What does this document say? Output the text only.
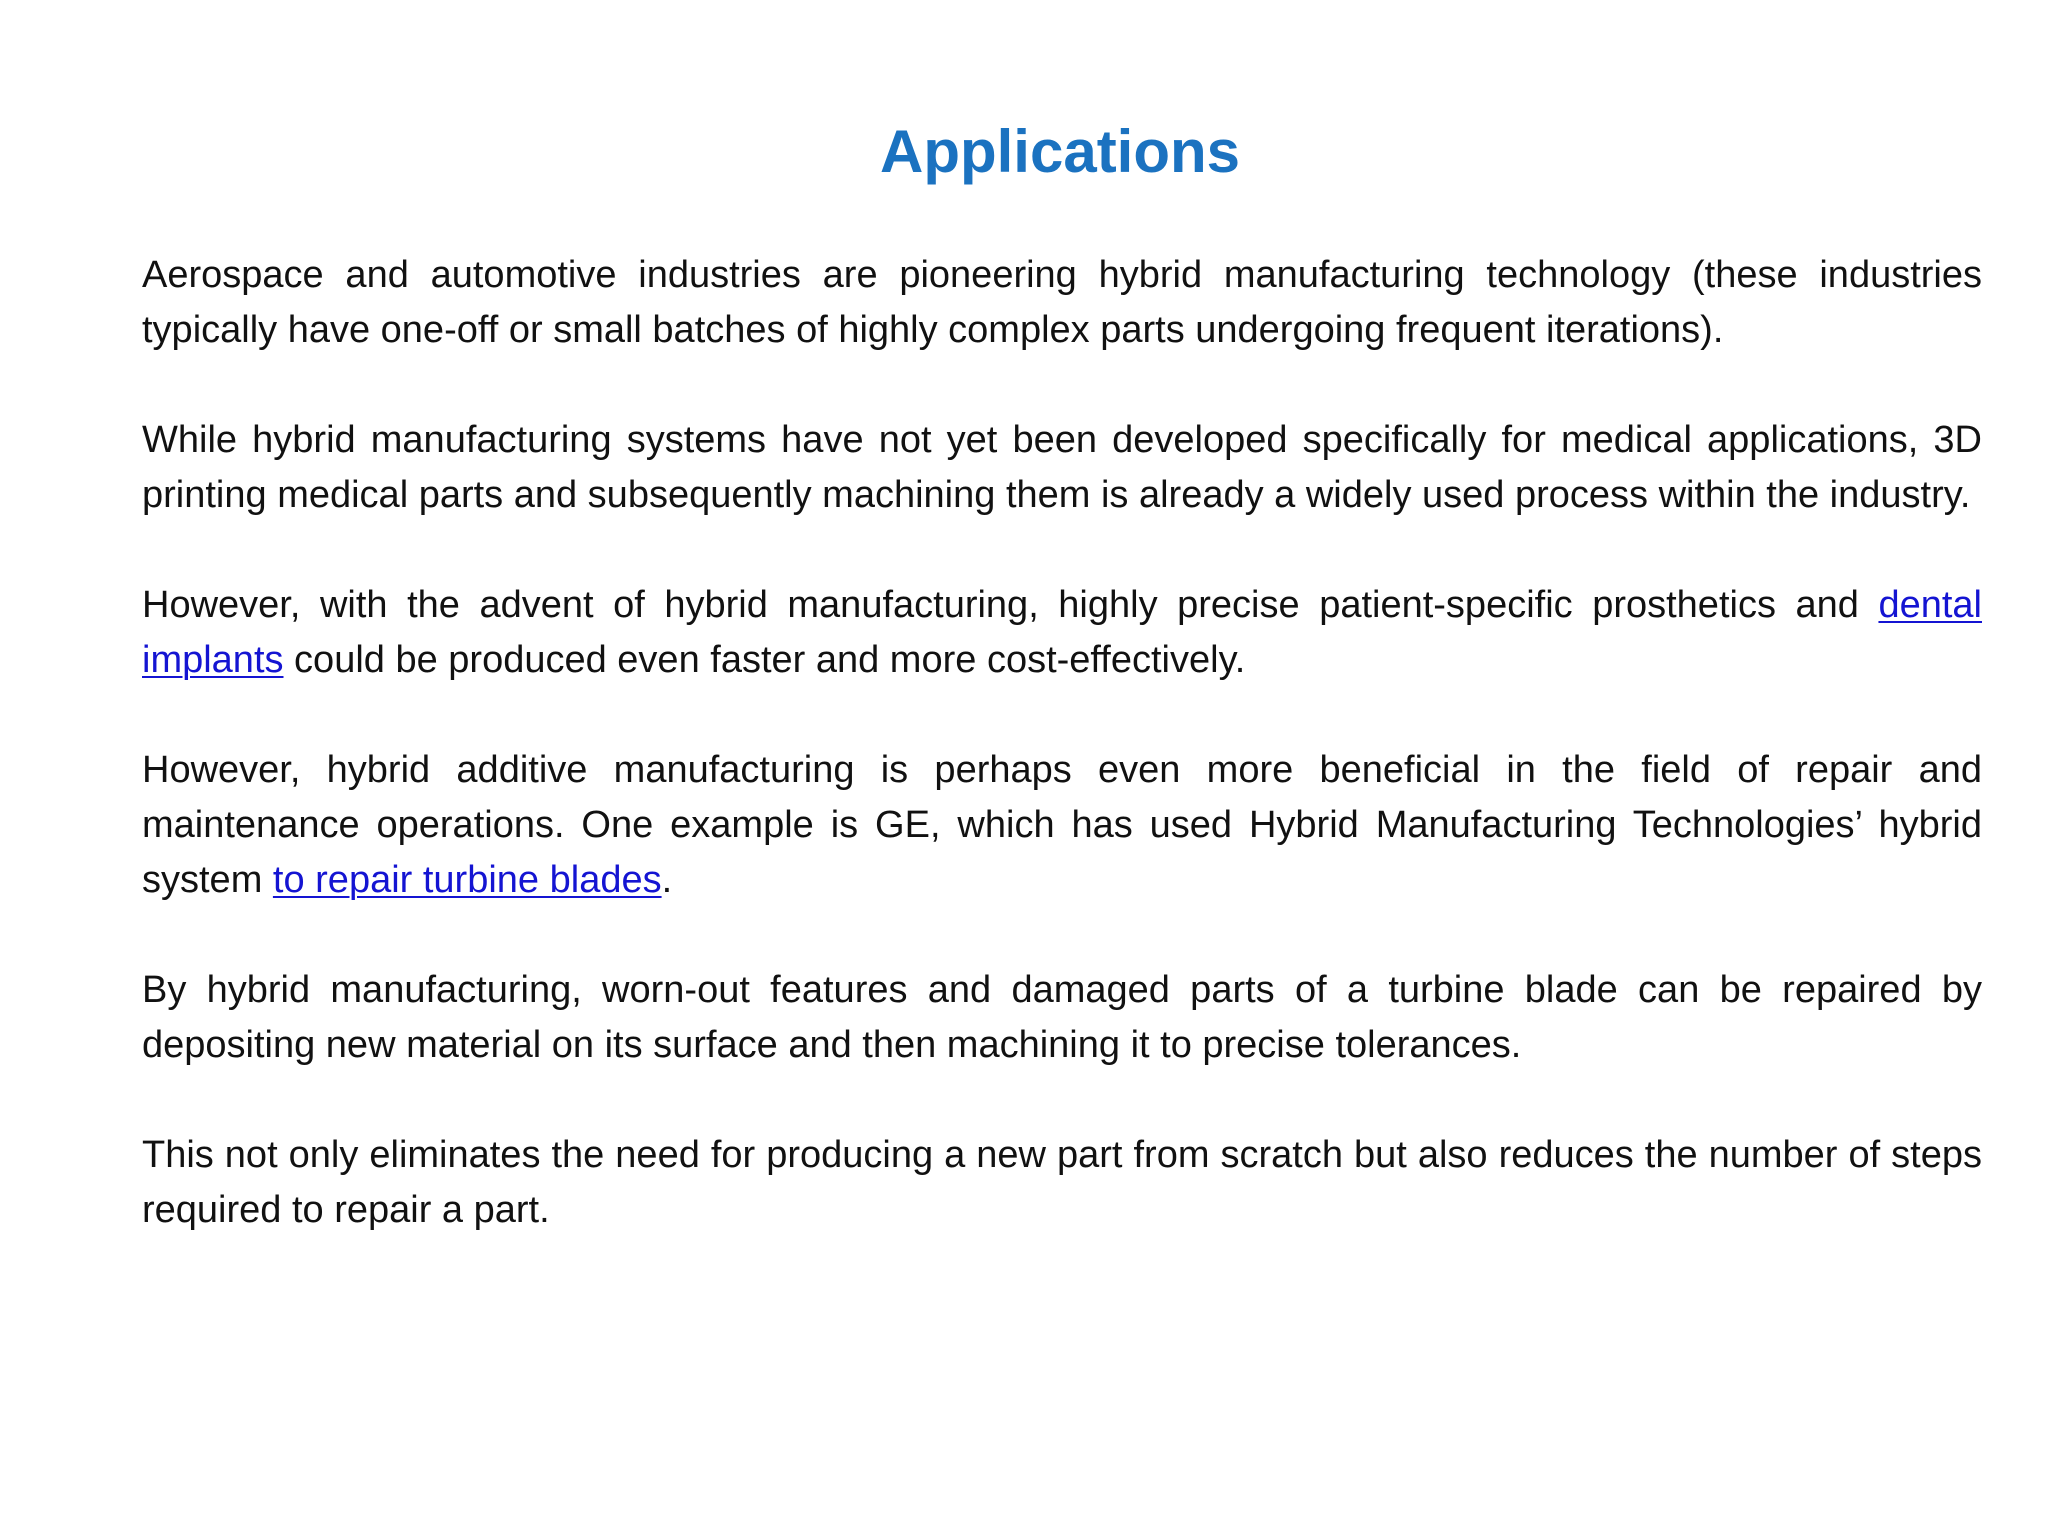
Applications

Aerospace and automotive industries are pioneering hybrid manufacturing technology (these industries typically have one-off or small batches of highly complex parts undergoing frequent iterations).

While hybrid manufacturing systems have not yet been developed specifically for medical applications, 3D printing medical parts and subsequently machining them is already a widely used process within the industry.

However, with the advent of hybrid manufacturing, highly precise patient-specific prosthetics and dental implants could be produced even faster and more cost-effectively.

However, hybrid additive manufacturing is perhaps even more beneficial in the field of repair and maintenance operations. One example is GE, which has used Hybrid Manufacturing Technologies’ hybrid system to repair turbine blades.

By hybrid manufacturing, worn-out features and damaged parts of a turbine blade can be repaired by depositing new material on its surface and then machining it to precise tolerances.

This not only eliminates the need for producing a new part from scratch but also reduces the number of steps required to repair a part.
